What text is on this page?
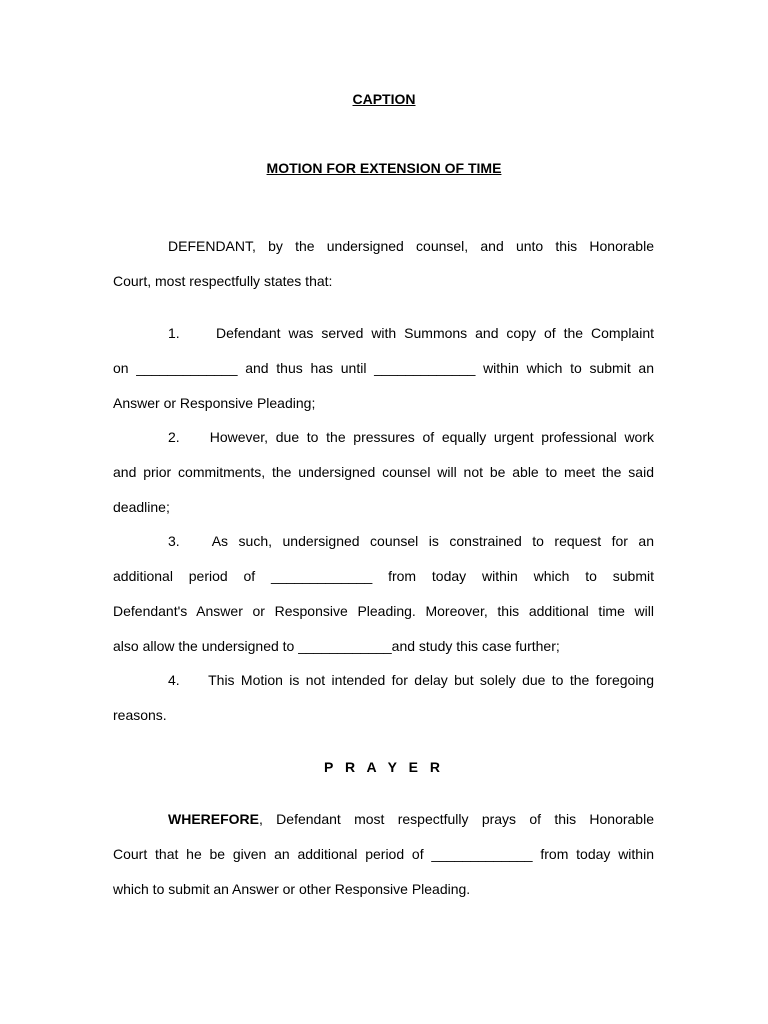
CAPTION
MOTION FOR EXTENSION OF TIME
DEFENDANT, by the undersigned counsel, and unto this Honorable
Court, most respectfully states that:
1.	Defendant was served with Summons and copy of the Complaint
on _____________ and thus has until _____________ within which to submit an
Answer or Responsive Pleading;
2. However, due to the pressures of equally urgent professional work
and prior commitments, the undersigned counsel will not be able to meet the said
deadline;
3. As such, undersigned counsel is constrained to request for an
additional period of _____________ from today within which to submit
Defendant's Answer or Responsive Pleading. Moreover, this additional time will
also allow the undersigned to ____________and study this case further;
4. This Motion is not intended for delay but solely due to the foregoing
reasons.
P R A Y E R
WHEREFORE, Defendant most respectfully prays of this Honorable
Court that he be given an additional period of _____________ from today within
which to submit an Answer or other Responsive Pleading.
